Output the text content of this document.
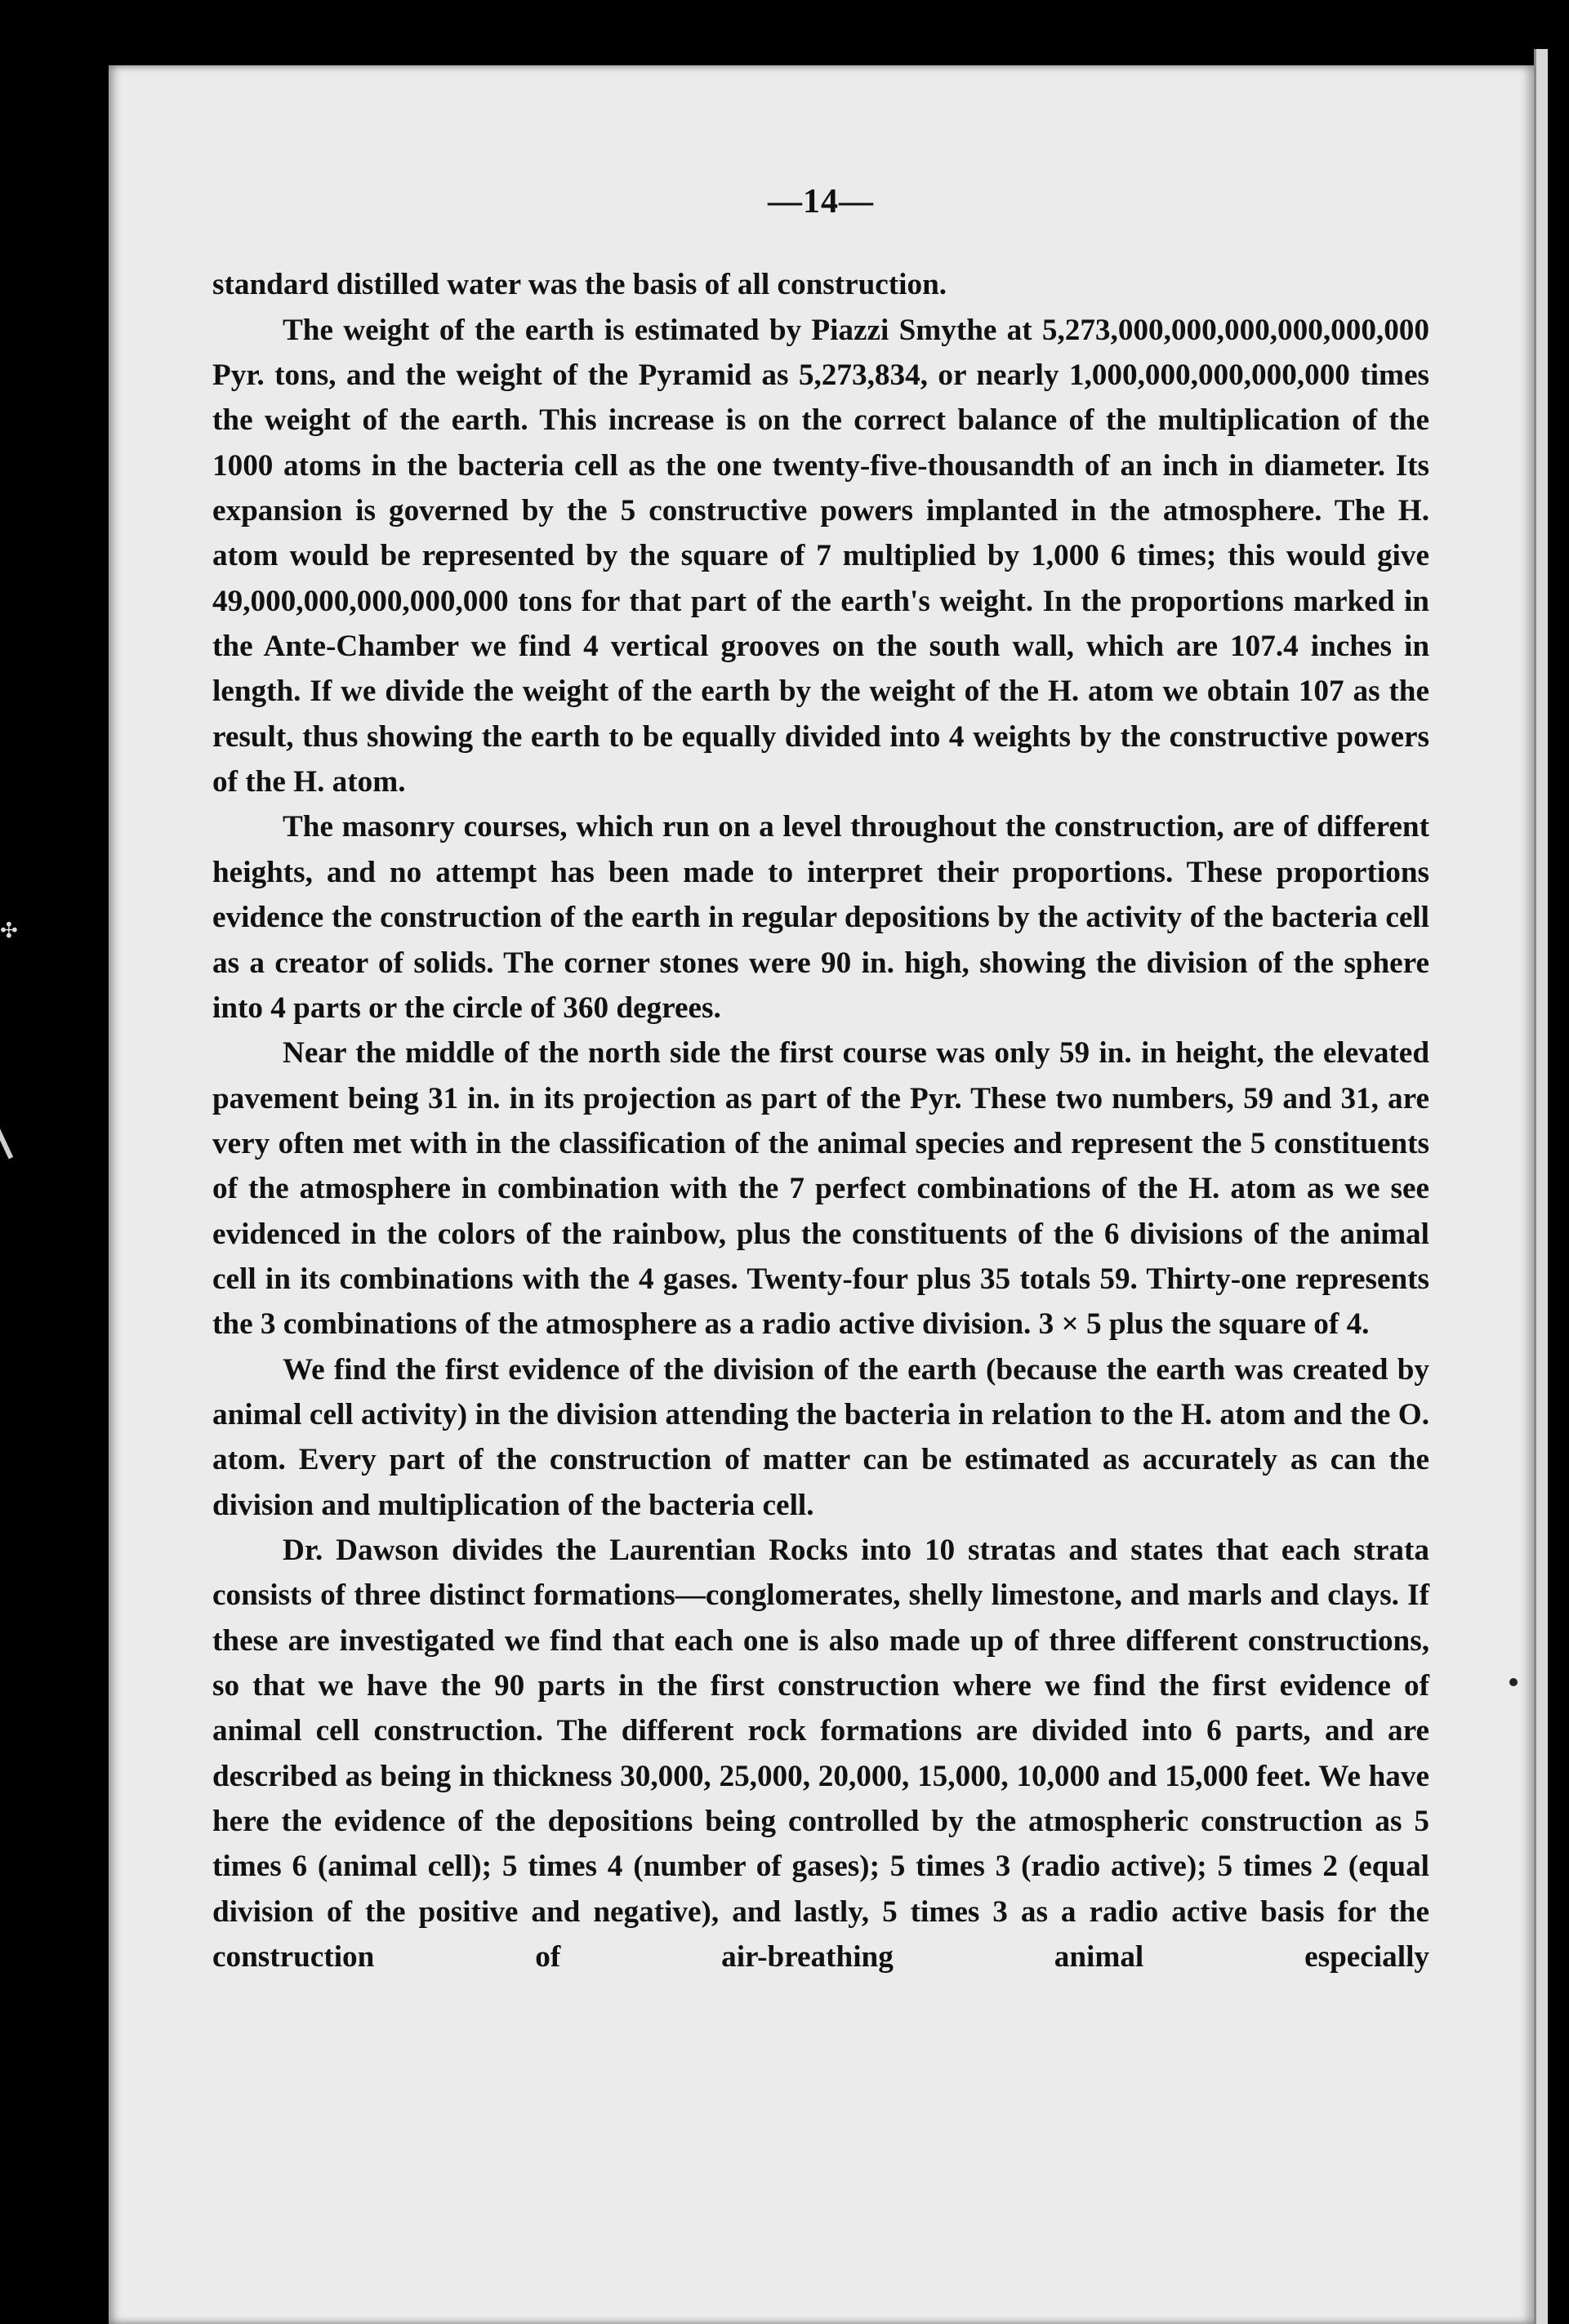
✣
—14—

standard distilled water was the basis of all construction.

The weight of the earth is estimated by Piazzi Smythe at 5,273,000,000,000,000,000,000 Pyr. tons, and the weight of the Pyramid as 5,273,834, or nearly 1,000,000,000,000,000 times the weight of the earth. This increase is on the correct balance of the multiplication of the 1000 atoms in the bacteria cell as the one twenty-five-thousandth of an inch in diameter. Its expansion is governed by the 5 constructive powers implanted in the atmosphere. The H. atom would be represented by the square of 7 multiplied by 1,000 6 times; this would give 49,000,000,000,000,000 tons for that part of the earth's weight. In the proportions marked in the Ante-Chamber we find 4 vertical grooves on the south wall, which are 107.4 inches in length. If we divide the weight of the earth by the weight of the H. atom we obtain 107 as the result, thus showing the earth to be equally divided into 4 weights by the constructive powers of the H. atom.

The masonry courses, which run on a level throughout the construction, are of different heights, and no attempt has been made to interpret their proportions. These proportions evidence the construction of the earth in regular depositions by the activity of the bacteria cell as a creator of solids. The corner stones were 90 in. high, showing the division of the sphere into 4 parts or the circle of 360 degrees.

Near the middle of the north side the first course was only 59 in. in height, the elevated pavement being 31 in. in its projection as part of the Pyr. These two numbers, 59 and 31, are very often met with in the classification of the animal species and represent the 5 constituents of the atmosphere in combination with the 7 perfect combinations of the H. atom as we see evidenced in the colors of the rainbow, plus the constituents of the 6 divisions of the animal cell in its combinations with the 4 gases. Twenty-four plus 35 totals 59. Thirty-one represents the 3 combinations of the atmosphere as a radio active division. 3 × 5 plus the square of 4.

We find the first evidence of the division of the earth (because the earth was created by animal cell activity) in the division attending the bacteria in relation to the H. atom and the O. atom. Every part of the construction of matter can be estimated as accurately as can the division and multiplication of the bacteria cell.

Dr. Dawson divides the Laurentian Rocks into 10 stratas and states that each strata consists of three distinct formations—conglomerates, shelly limestone, and marls and clays. If these are investigated we find that each one is also made up of three different constructions, so that we have the 90 parts in the first construction where we find the first evidence of animal cell construction. The different rock formations are divided into 6 parts, and are described as being in thickness 30,000, 25,000, 20,000, 15,000, 10,000 and 15,000 feet. We have here the evidence of the depositions being controlled by the atmospheric construction as 5 times 6 (animal cell); 5 times 4 (number of gases); 5 times 3 (radio active); 5 times 2 (equal division of the positive and negative), and lastly, 5 times 3 as a radio active basis for the construction of air-breathing animal especially
